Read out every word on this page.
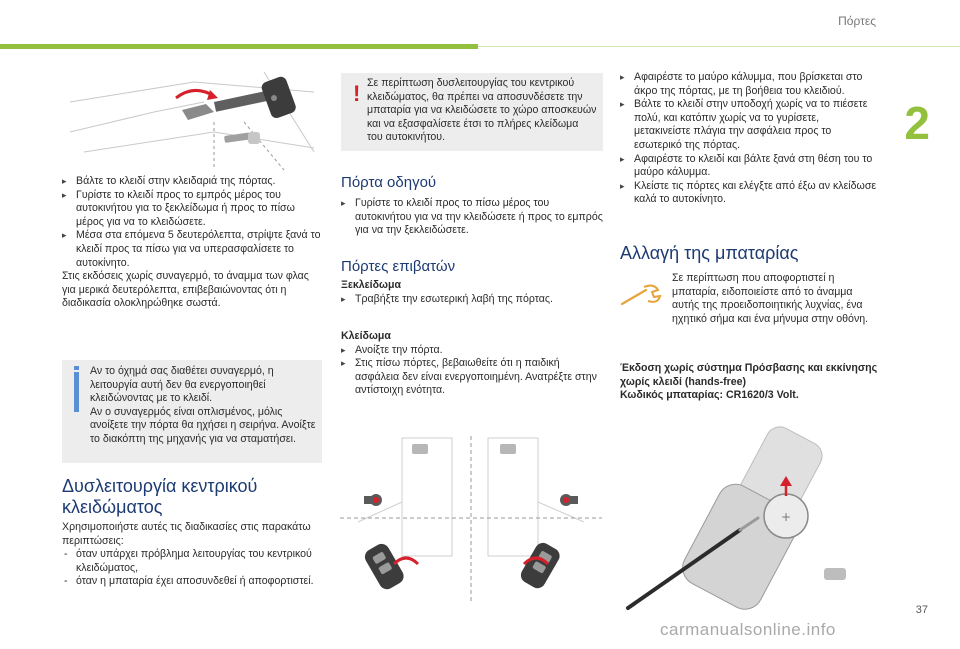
Πόρτες
2
37
carmanualsonline.info

▸ Βάλτε το κλειδί στην κλειδαριά της πόρτας.

▸ Γυρίστε το κλειδί προς το εμπρός μέρος του αυτοκινήτου για το ξεκλείδωμα ή προς το πίσω μέρος για να το κλειδώσετε.

▸ Μέσα στα επόμενα 5 δευτερόλεπτα, στρίψτε ξανά το κλειδί προς τα πίσω για να υπερασφαλίσετε το αυτοκίνητο.

Στις εκδόσεις χωρίς συναγερμό, το άναμμα των φλας για μερικά δευτερόλεπτα, επιβεβαιώνοντας ότι η διαδικασία ολοκληρώθηκε σωστά.

Αν το όχημά σας διαθέτει συναγερμό, η λειτουργία αυτή δεν θα ενεργοποιηθεί κλειδώνοντας με το κλειδί.

Αν ο συναγερμός είναι οπλισμένος, μόλις ανοίξετε την πόρτα θα ηχήσει η σειρήνα. Ανοίξτε το διακόπτη της μηχανής για να σταματήσει.

Δυσλειτουργία κεντρικού κλειδώματος

Χρησιμοποιήστε αυτές τις διαδικασίες στις παρακάτω περιπτώσεις:

- όταν υπάρχει πρόβλημα λειτουργίας του κεντρικού κλειδώματος,

- όταν η μπαταρία έχει αποσυνδεθεί ή αποφορτιστεί.

! Σε περίπτωση δυσλειτουργίας του κεντρικού κλειδώματος, θα πρέπει να αποσυνδέσετε την μπαταρία για να κλειδώσετε το χώρο αποσκευών και να εξασφαλίσετε έτσι το πλήρες κλείδωμα του αυτοκινήτου.

Πόρτα οδηγού

▸ Γυρίστε το κλειδί προς το πίσω μέρος του αυτοκινήτου για να την κλειδώσετε ή προς το εμπρός για να την ξεκλειδώσετε.

Πόρτες επιβατών

Ξεκλείδωμα

▸ Τραβήξτε την εσωτερική λαβή της πόρτας.

Κλείδωμα

▸ Ανοίξτε την πόρτα.

▸ Στις πίσω πόρτες, βεβαιωθείτε ότι η παιδική ασφάλεια δεν είναι ενεργοποιημένη. Ανατρέξτε στην αντίστοιχη ενότητα.

▸ Αφαιρέστε το μαύρο κάλυμμα, που βρίσκεται στο άκρο της πόρτας, με τη βοήθεια του κλειδιού.

▸ Βάλτε το κλειδί στην υποδοχή χωρίς να το πιέσετε πολύ, και κατόπιν χωρίς να το γυρίσετε, μετακινείστε πλάγια την ασφάλεια προς το εσωτερικό της πόρτας.

▸ Αφαιρέστε το κλειδί και βάλτε ξανά στη θέση του το μαύρο κάλυμμα.

▸ Κλείστε τις πόρτες και ελέγξτε από έξω αν κλείδωσε καλά το αυτοκίνητο.

Αλλαγή της μπαταρίας

Σε περίπτωση που αποφορτιστεί η μπαταρία, ειδοποιείστε από το άναμμα αυτής της προειδοποιητικής λυχνίας, ένα ηχητικό σήμα και ένα μήνυμα στην οθόνη.

Έκδοση χωρίς σύστημα Πρόσβασης και εκκίνησης

χωρίς κλειδί (hands-free)

Κωδικός μπαταρίας: CR1620/3 Volt.

+
